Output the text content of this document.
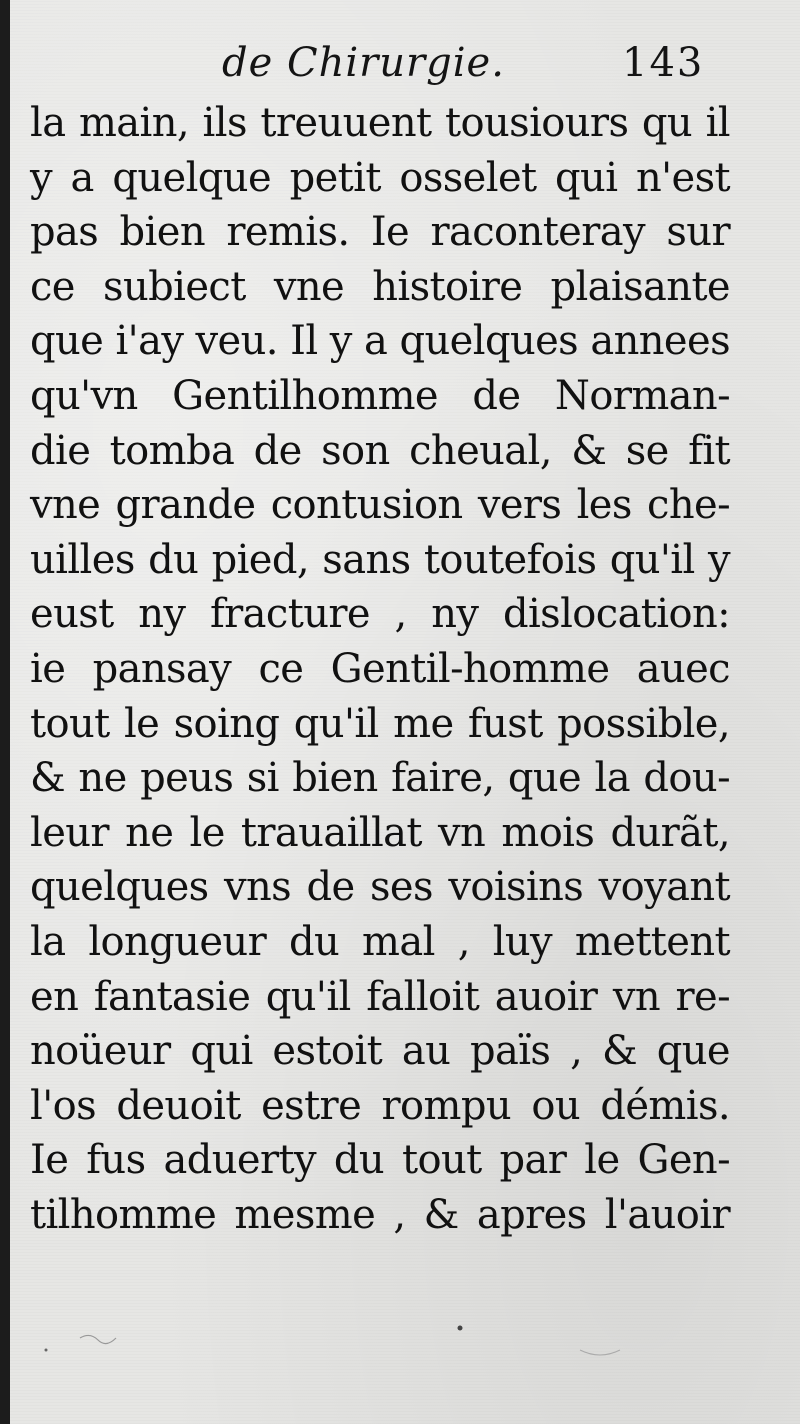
de Chirurgie.	143
la main, ils treuuent tousiours qu il
y a quelque petit osselet qui n'est
pas bien remis. Ie raconteray sur
ce subiect vne histoire plaisante
que i'ay veu. Il y a quelques annees
qu'vn Gentilhomme de Norman-
die tomba de son cheual, & se fit
vne grande contusion vers les che-
uilles du pied, sans toutefois qu'il y
eust ny fracture , ny dislocation:
ie pansay ce Gentil-homme auec
tout le soing qu'il me fust possible,
& ne peus si bien faire, que la dou-
leur ne le trauaillat vn mois durãt,
quelques vns de ses voisins voyant
la longueur du mal , luy mettent
en fantasie qu'il falloit auoir vn re-
noüeur qui estoit au païs , & que
l'os deuoit estre rompu ou démis.
Ie fus aduerty du tout par le Gen-
tilhomme mesme , & apres l'auoir
